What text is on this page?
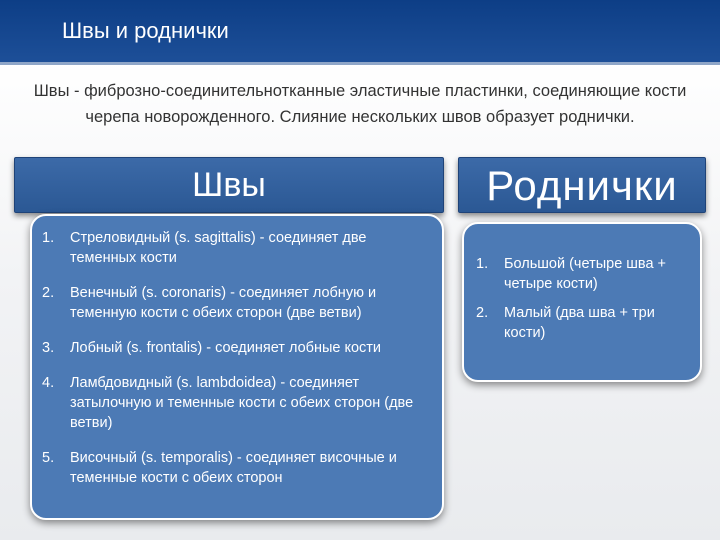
Швы и роднички
Швы - фиброзно-соединительнотканные эластичные пластинки, соединяющие кости черепа новорожденного. Слияние нескольких швов образует роднички.
Швы	Роднички
1.	Стреловидный (s. sagittalis) - соединяет две теменных кости
2.	Венечный (s. coronaris) - соединяет лобную и теменную кости с обеих сторон (две ветви)
3.	Лобный (s. frontalis) - соединяет лобные кости
4.	Ламбдовидный (s. lambdoidea) - соединяет затылочную и теменные кости с обеих сторон (две ветви)
5.	Височный (s. temporalis) - соединяет височные и теменные кости с обеих сторон
1.	Большой (четыре шва + четыре кости)
2.	Малый (два шва + три кости)
